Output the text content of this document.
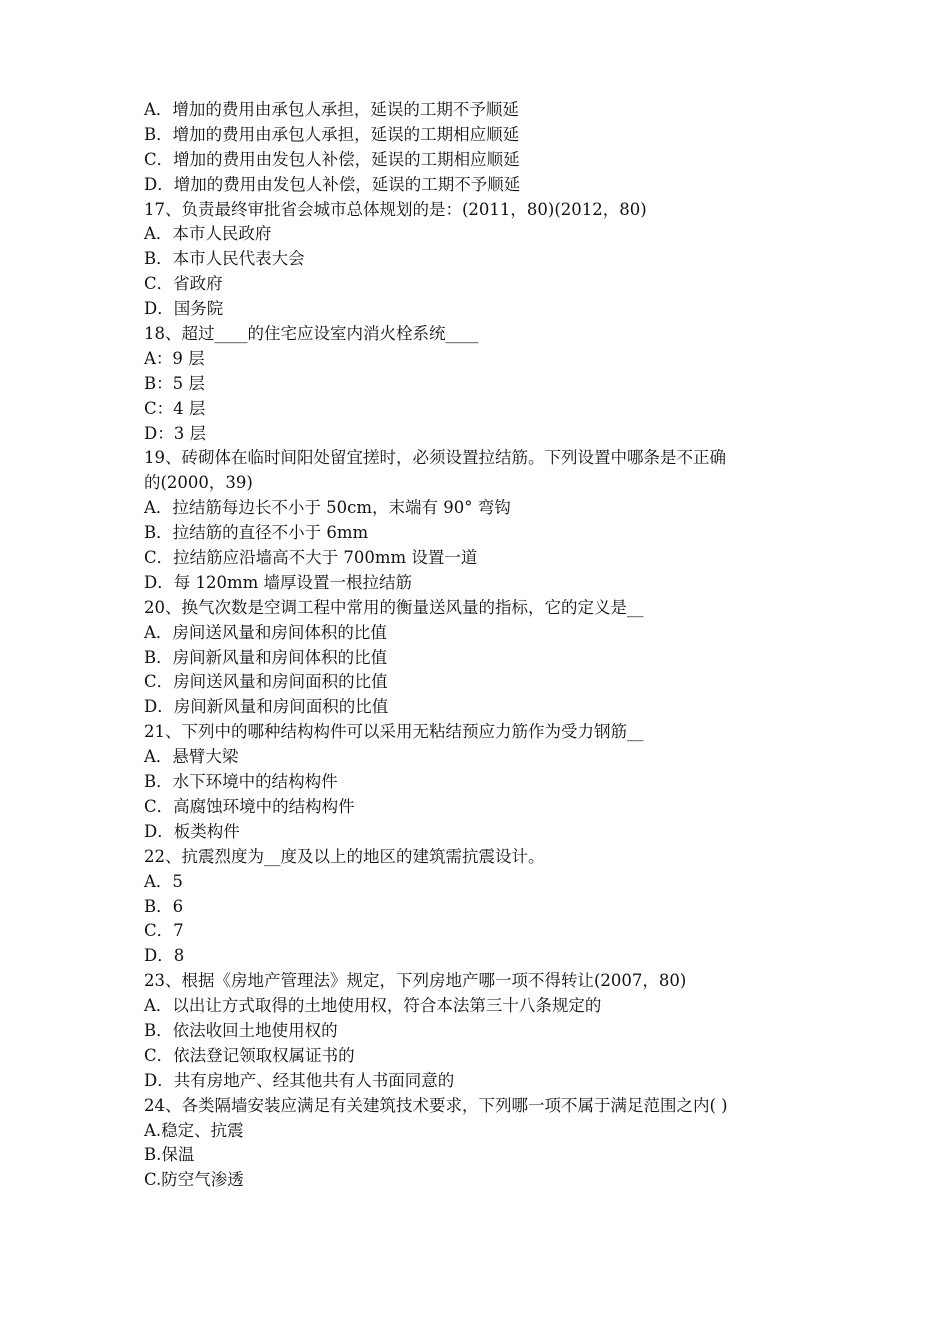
A．增加的费用由承包人承担，延误的工期不予顺延
B．增加的费用由承包人承担，延误的工期相应顺延
C．增加的费用由发包人补偿，延误的工期相应顺延
D．增加的费用由发包人补偿，延误的工期不予顺延
17、负责最终审批省会城市总体规划的是：(2011，80)(2012，80)
A．本市人民政府
B．本市人民代表大会
C．省政府
D．国务院
18、超过____的住宅应设室内消火栓系统____
A：9 层
B：5 层
C：4 层
D：3 层
19、砖砌体在临时间阳处留宜搓时，必须设置拉结筋。下列设置中哪条是不正确
的(2000，39)
A．拉结筋每边长不小于 50cm，末端有 90° 弯钩
B．拉结筋的直径不小于 6mm
C．拉结筋应沿墙高不大于 700mm 设置一道
D．每 120mm 墙厚设置一根拉结筋
20、换气次数是空调工程中常用的衡量送风量的指标，它的定义是__
A．房间送风量和房间体积的比值
B．房间新风量和房间体积的比值
C．房间送风量和房间面积的比值
D．房间新风量和房间面积的比值
21、下列中的哪种结构构件可以采用无粘结预应力筋作为受力钢筋__
A．悬臂大梁
B．水下环境中的结构构件
C．高腐蚀环境中的结构构件
D．板类构件
22、抗震烈度为__度及以上的地区的建筑需抗震设计。
A．5
B．6
C．7
D．8
23、根据《房地产管理法》规定，下列房地产哪一项不得转让(2007，80)
A．以出让方式取得的土地使用权，符合本法第三十八条规定的
B．依法收回土地使用权的
C．依法登记领取权属证书的
D．共有房地产、经其他共有人书面同意的
24、各类隔墙安装应满足有关建筑技术要求，下列哪一项不属于满足范围之内( )
A.稳定、抗震
B.保温
C.防空气渗透
